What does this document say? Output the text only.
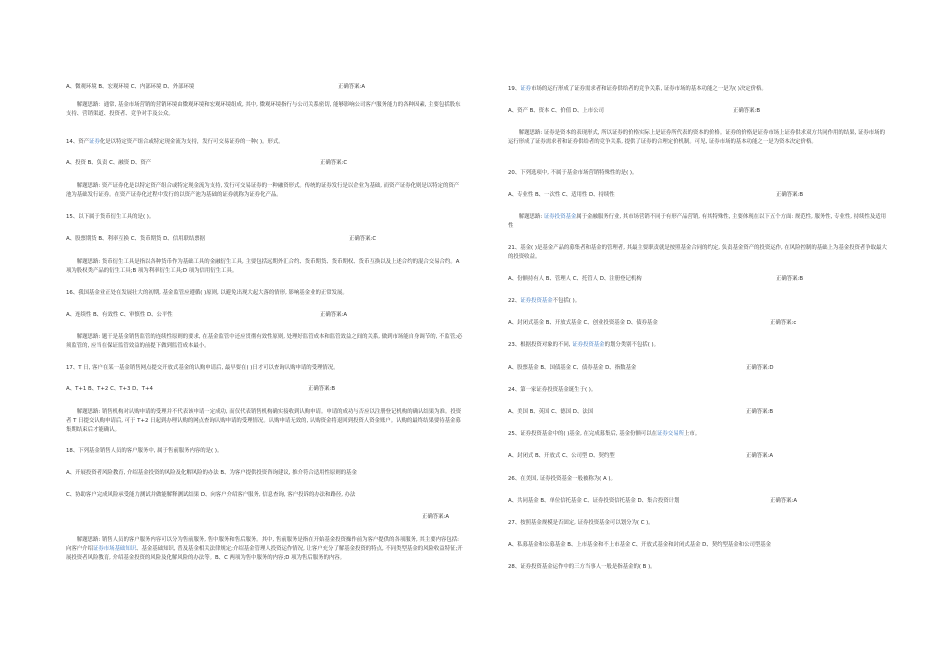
A、微观环境 B、宏观环境 C、内部环境 D、外部环境	正确答案:A
解题思路：通常, 基金市场营销的营销环境由微观环境和宏观环境组成, 其中, 微观环境指行与公司关系密切, 能够影响公司客户服务能力的各种因素, 主要包括股东支持、营销渠道、投资者、竞争对手及公众。
14、资产证券化是以特定资产组合或特定现金流为支持，发行可交易证券的一种( )。形式。
A、投资 B、负责 C、融资 D、资产	正确答案:C
解题思路: 资产证券化是以特定资产组合或特定现金流为支持, 发行可交易证券的一种融资形式。传统的证券发行是以企业为基础, 而资产证券化则是以特定的资产池为基础发行证券。在资产证券化过程中发行的以资产池为基础的证券就称为证券化产品。
15、以下属于货币衍生工具的是( )。
A、股票期货 B、利率互换 C、货币期货 D、信用联结票据	正确答案:C
解题思路: 货币衍生工具是指以各种货币作为基础工具的金融衍生工具, 主要包括远期外汇合约、货币期货、货币期权、货币互换以及上述合约的混合交易合约。A 项为股权类产品的衍生工具;B 项为利率衍生工具;D 项为信用衍生工具。
16、我国基金业正处在发展壮大的初期, 基金监管应遵循( )原则, 以避免出现大起大落的情形, 影响基金业的正常发展。
A、连续性 B、有效性 C、审慎性 D、公平性	正确答案:A
解题思路: 题干是基金销售监管的连续性原则的要求, 在基金监管中还应贯彻有效性原则, 处理好监管成本和监管效益之间的关系, 做到市场能自身调节的, 不监管;必须监管的, 应当在保证监管效益的前提下做到监管成本最小。
17、T 日, 客户在某一基金销售网点提交开放式基金的认购申请后, 最早要在( )日才可以查询认购申请的受理情况。
A、T+1 B、T+2 C、T+3 D、T+4	正确答案:B
解题思路: 销售机构对认购申请的受理并不代表该申请一定成功, 而仅代表销售机构确实接收到认购申请。申请的成功与否应以注册登记机构的确认结果为准。投资者 T 日提交认购申请后, 可于 T+2 日起到办理认购的网点查询认购申请的受理情况。认购申请无效的, 认购资金将退回到投资人资金账户。认购的最终结果要待基金募集期结束后才能确认。
18、下列基金销售人员的客户服务中, 属于售前服务内容的是( )。
A、开展投资者风险教育, 介绍基金投资的风险及化解风险的办法 B、为客户提供投资咨询建议, 推介符合适用性原则的基金
C、协助客户完成风险承受能力测试并做能解释测试结果 D、向客户介绍客户服务, 信息查询, 客户投诉的办法和路径, 办法
正确答案:A
解题思路: 销售人员的客户服务内容可以分为售前服务, 售中服务和售后服务。其中, 售前服务是指在开始基金投资操作前为客户提供的各项服务, 其主要内容包括: 向客户介绍证券市场基础知识、基金基础知识, 普及基金相关法律规定;介绍基金管理人投资运作情况, 让客户充分了解基金投资的特点, 不同类型基金的风险收益特征;开展投资者风险教育, 介绍基金投资的风险及化解风险的办法等。B、C 两项为售中服务的内容;D 项为售后服务的内容。
19、证券市场的运行形成了证券需求者和证券供给者的竞争关系, 证券市场的基本功能之一是为( )决定价格。
A、资产 B、资本 C、价值 D、上市公司	正确答案:B
解题思路: 证券是资本的表现形式, 所以证券的价格实际上是证券所代表的资本的价格。证券的价格是证券市场上证券供求双方共同作用的结果, 证券市场的运行形成了证券需求者和证券供给者的竞争关系, 提供了证券的合理定价机制。可见, 证券市场的基本功能之一是为资本决定价格。
20、下列选项中, 不属于基金市场营销特殊性的是( )。
A、专业性 B、一次性 C、适用性 D、持续性	正确答案:B
解题思路: 证券投资基金属于金融服务行业, 其市场营销不同于有形产品营销, 有其特殊性, 主要体现在以下五个方面: 规范性, 服务性, 专业性, 持续性及适用性
21、基金( )是基金产品的募集者和基金的管理者, 其最主要职责就是按照基金合同的约定, 负责基金资产的投资运作, 在风险控制的基础上为基金投资者争取最大的投资收益。
A、份额持有人 B、管理人 C、托管人 D、注册登记机构	正确答案:B
22、证券投资基金不包括( )。
A、封闭式基金 B、开放式基金 C、创业投资基金 D、债券基金	正确答案:c
23、根据投资对象的不同, 证券投资基金的划分类别不包括( )。
A、股票基金 B、国债基金 C、债券基金 D、指数基金	正确答案:D
24、第一家证券投资基金诞生于( )。
A、美国 B、英国 C、德国 D、法国	正确答案:B
25、证券投资基金中的( )基金, 在完成募集后, 基金份额可以在证券交易所上市。
A、封闭式 B、开放式 C、公司型 D、契约型	正确答案:A
26、在美国, 证券投资基金一般被称为( A )。
A、共同基金 B、单位信托基金 C、证券投资信托基金 D、集合投资计划	正确答案:A
27、按照基金规模是否固定, 证券投资基金可以划分为( C )。
A、私募基金和公募基金 B、上市基金和不上市基金 C、开放式基金和封闭式基金 D、契约型基金和公司型基金
28、证券投资基金运作中的三方当事人一般是指基金的( B )。
